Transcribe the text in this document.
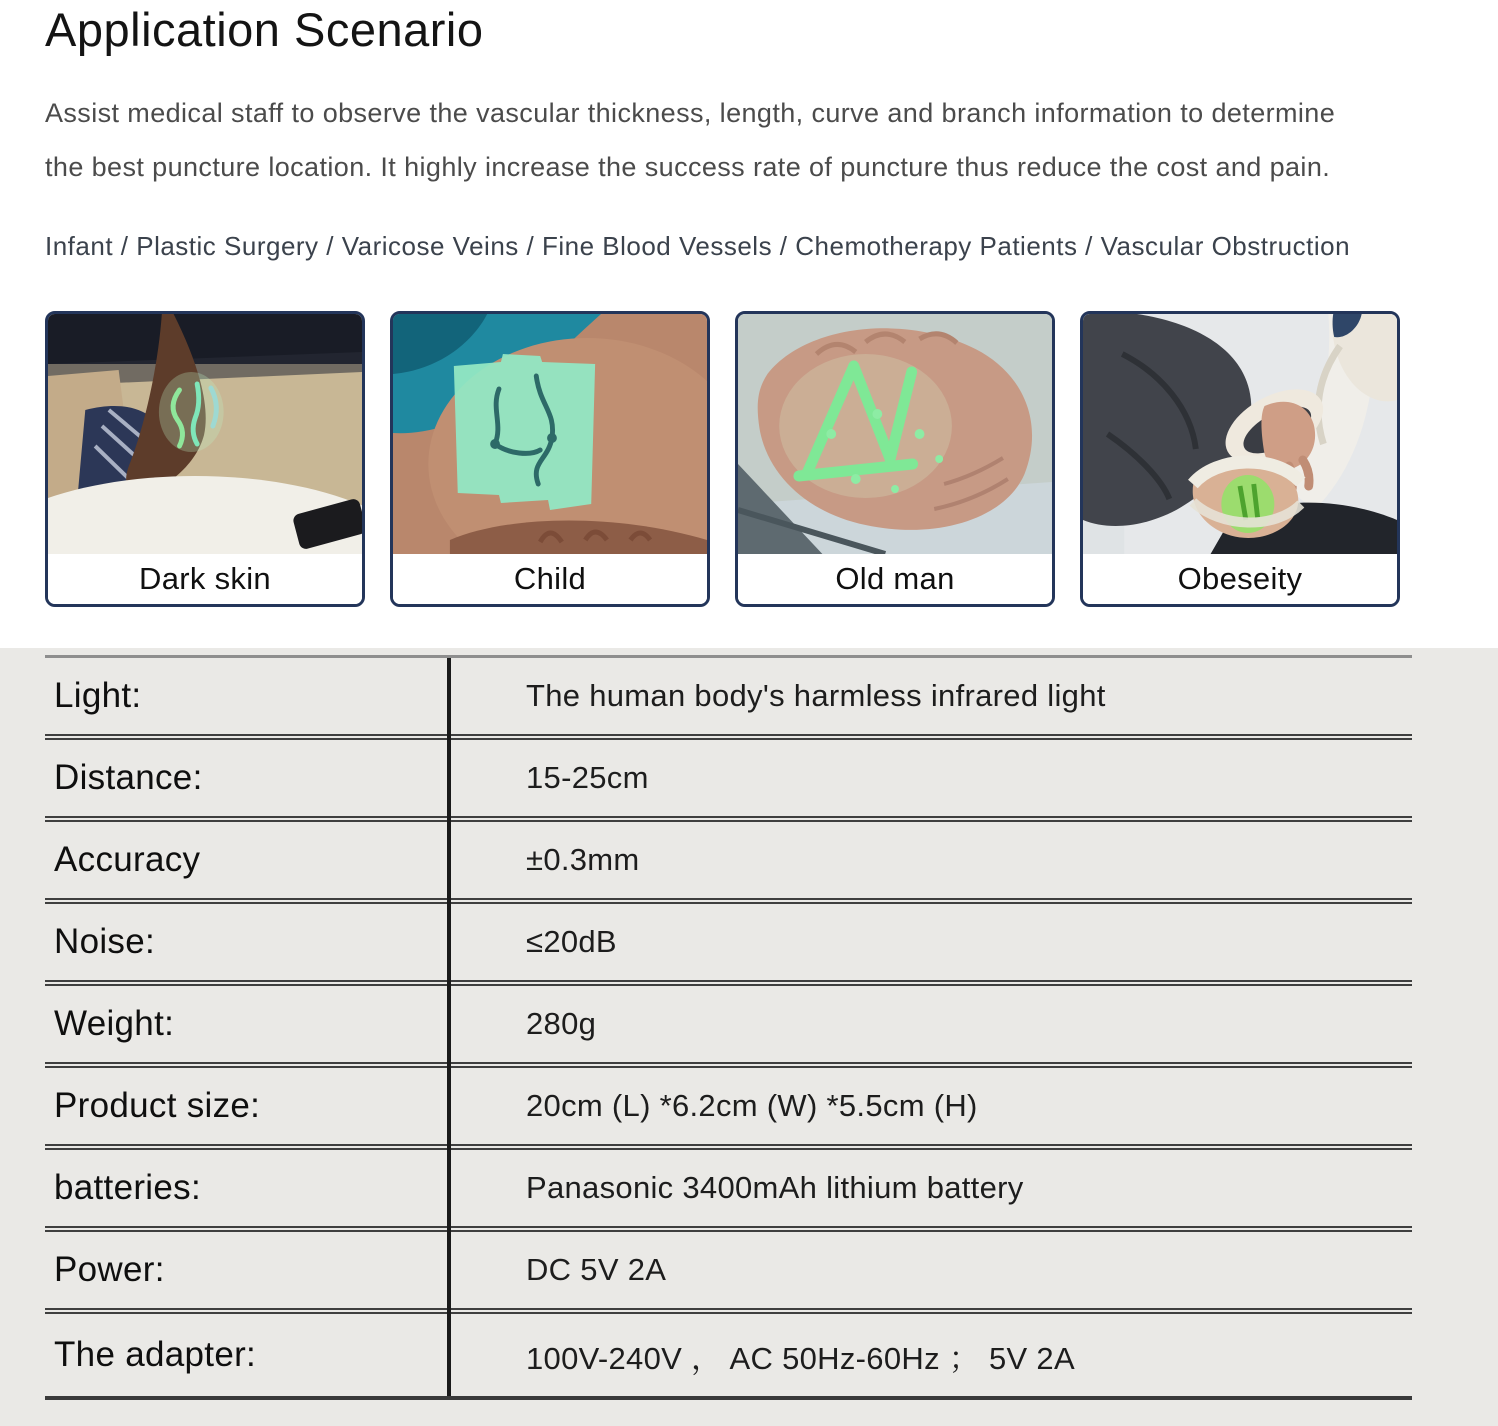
Application Scenario
Assist medical staff to observe the vascular thickness, length, curve and branch information to determine
the best puncture location. It highly increase the success rate of puncture thus reduce the cost and pain.
Infant / Plastic Surgery / Varicose Veins / Fine Blood Vessels / Chemotherapy Patients / Vascular Obstruction
Dark skin	Child	Old man	Obeseity
Light:	The human body's harmless infrared light
Distance:	15-25cm
Accuracy	±0.3mm
Noise:	≤20dB
Weight:	280g
Product size:	20cm (L) *6.2cm (W) *5.5cm (H)
batteries:	Panasonic 3400mAh lithium battery
Power:	DC 5V 2A
The adapter:	100V-240V ， AC 50Hz-60Hz ； 5V 2A
